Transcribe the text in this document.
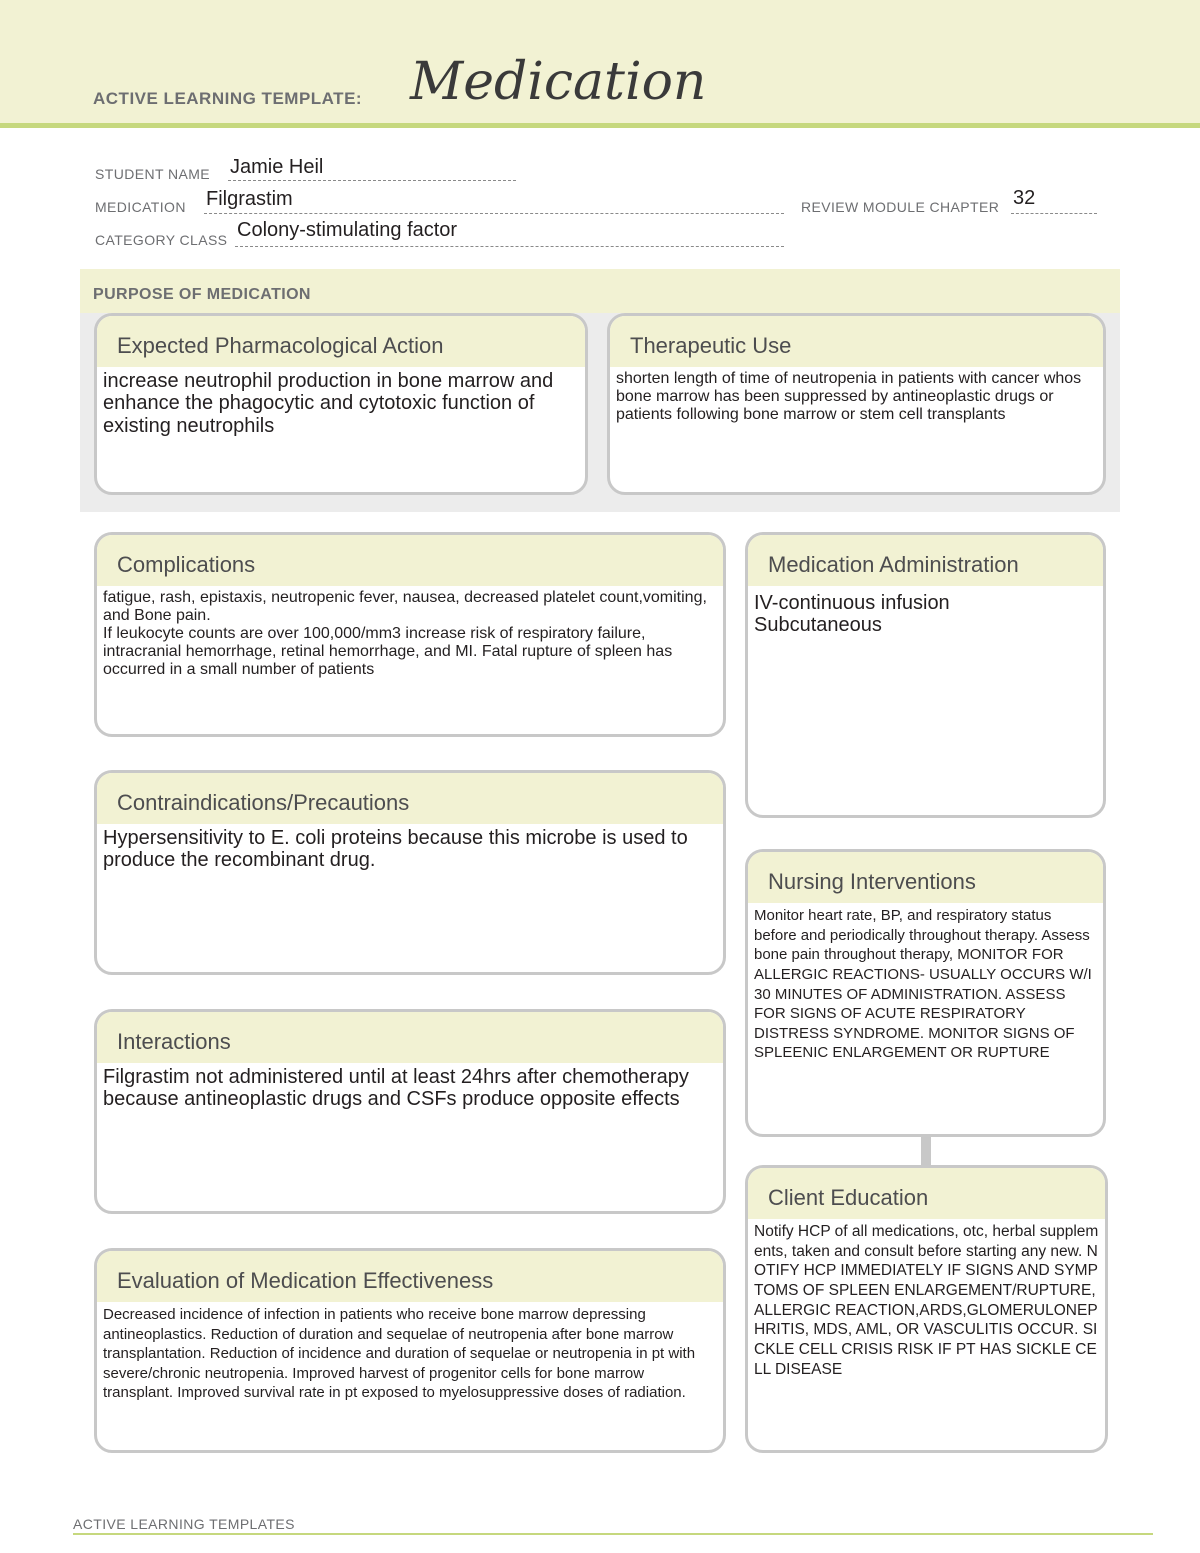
ACTIVE LEARNING TEMPLATE: Medication
STUDENT NAME Jamie Heil
MEDICATION Filgrastim	REVIEW MODULE CHAPTER 32
CATEGORY CLASS Colony-stimulating factor
PURPOSE OF MEDICATION
Expected Pharmacological Action
increase neutrophil production in bone marrow and enhance the phagocytic and cytotoxic function of existing neutrophils
Therapeutic Use
shorten length of time of neutropenia in patients with cancer whos bone marrow has been suppressed by antineoplastic drugs or patients following bone marrow or stem cell transplants
Complications
fatigue, rash, epistaxis, neutropenic fever, nausea, decreased platelet count,vomiting, and Bone pain.
If leukocyte counts are over 100,000/mm3 increase risk of respiratory failure, intracranial hemorrhage, retinal hemorrhage, and MI. Fatal rupture of spleen has occurred in a small number of patients
Medication Administration
IV-continuous infusion
Subcutaneous
Contraindications/Precautions
Hypersensitivity to E. coli proteins because this microbe is used to produce the recombinant drug.
Nursing Interventions
Monitor heart rate, BP, and respiratory status before and periodically throughout therapy. Assess bone pain throughout therapy, MONITOR FOR ALLERGIC REACTIONS- USUALLY OCCURS W/I 30 MINUTES OF ADMINISTRATION. ASSESS FOR SIGNS OF ACUTE RESPIRATORY DISTRESS SYNDROME. MONITOR SIGNS OF SPLEENIC ENLARGEMENT OR RUPTURE
Interactions
Filgrastim not administered until at least 24hrs after chemotherapy because antineoplastic drugs and CSFs produce opposite effects
Client Education
Notify HCP of all medications, otc, herbal supplements, taken and consult before starting any new. NOTIFY HCP IMMEDIATELY IF SIGNS AND SYMPTOMS OF SPLEEN ENLARGEMENT/RUPTURE, ALLERGIC REACTION,ARDS,GLOMERULONEPHRITIS, MDS, AML, OR VASCULITIS OCCUR. SICKLE CELL CRISIS RISK IF PT HAS SICKLE CELL DISEASE
Evaluation of Medication Effectiveness
Decreased incidence of infection in patients who receive bone marrow depressing antineoplastics. Reduction of duration and sequelae of neutropenia after bone marrow transplantation. Reduction of incidence and duration of sequelae or neutropenia in pt with severe/chronic neutropenia. Improved harvest of progenitor cells for bone marrow transplant. Improved survival rate in pt exposed to myelosuppressive doses of radiation.
ACTIVE LEARNING TEMPLATES
